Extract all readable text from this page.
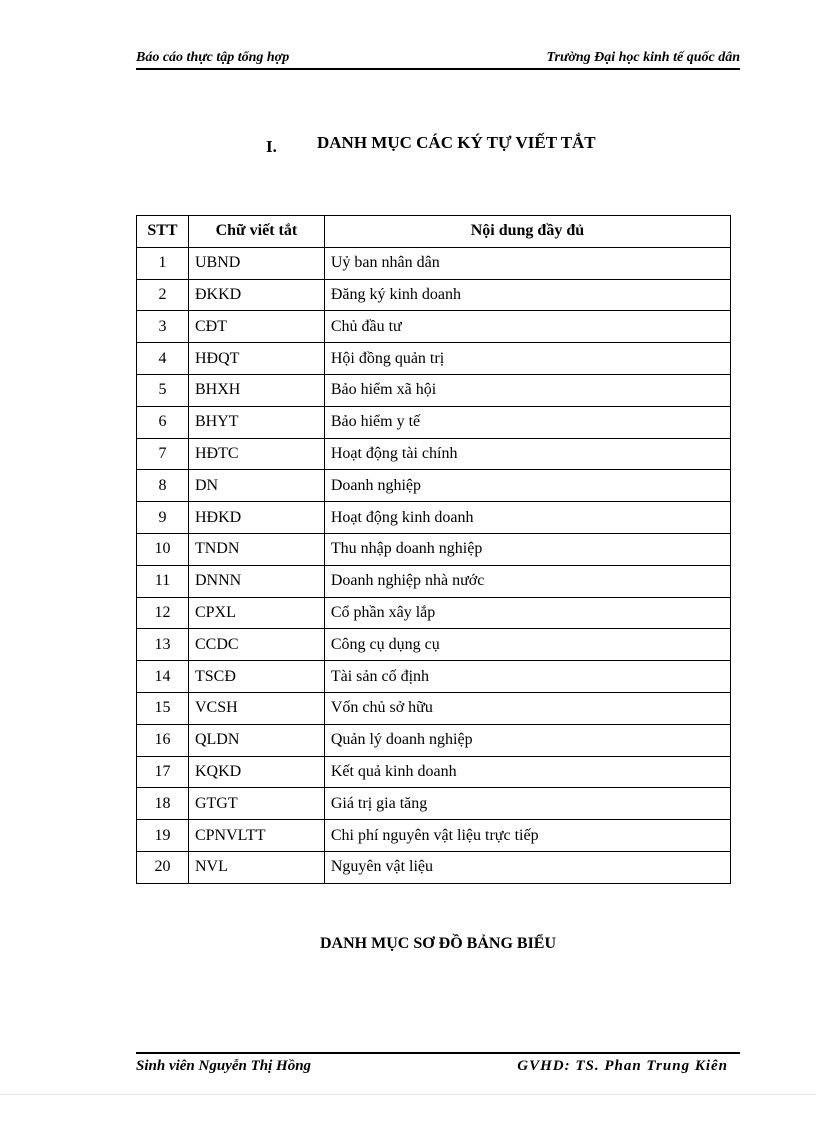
Báo cáo thực tập tổng hợp	Trường Đại học kinh tế quốc dân
I. DANH MỤC CÁC KÝ TỰ VIẾT TẮT
STT	Chữ viết tắt	Nội dung đầy đủ
1	UBND	Uỷ ban nhân dân
2	ĐKKD	Đăng ký kinh doanh
3	CĐT	Chủ đầu tư
4	HĐQT	Hội đồng quản trị
5	BHXH	Bảo hiểm xã hội
6	BHYT	Bảo hiểm y tế
7	HĐTC	Hoạt động tài chính
8	DN	Doanh nghiệp
9	HĐKD	Hoạt động kinh doanh
10	TNDN	Thu nhập doanh nghiệp
11	DNNN	Doanh nghiệp nhà nước
12	CPXL	Cổ phần xây lắp
13	CCDC	Công cụ dụng cụ
14	TSCĐ	Tài sản cố định
15	VCSH	Vốn chủ sở hữu
16	QLDN	Quản lý doanh nghiệp
17	KQKD	Kết quả kinh doanh
18	GTGT	Giá trị gia tăng
19	CPNVLTT	Chi phí nguyên vật liệu trực tiếp
20	NVL	Nguyên vật liệu
DANH MỤC SƠ ĐỒ BẢNG BIỂU
Sinh viên Nguyễn Thị Hồng	GVHD: TS. Phan Trung Kiên
